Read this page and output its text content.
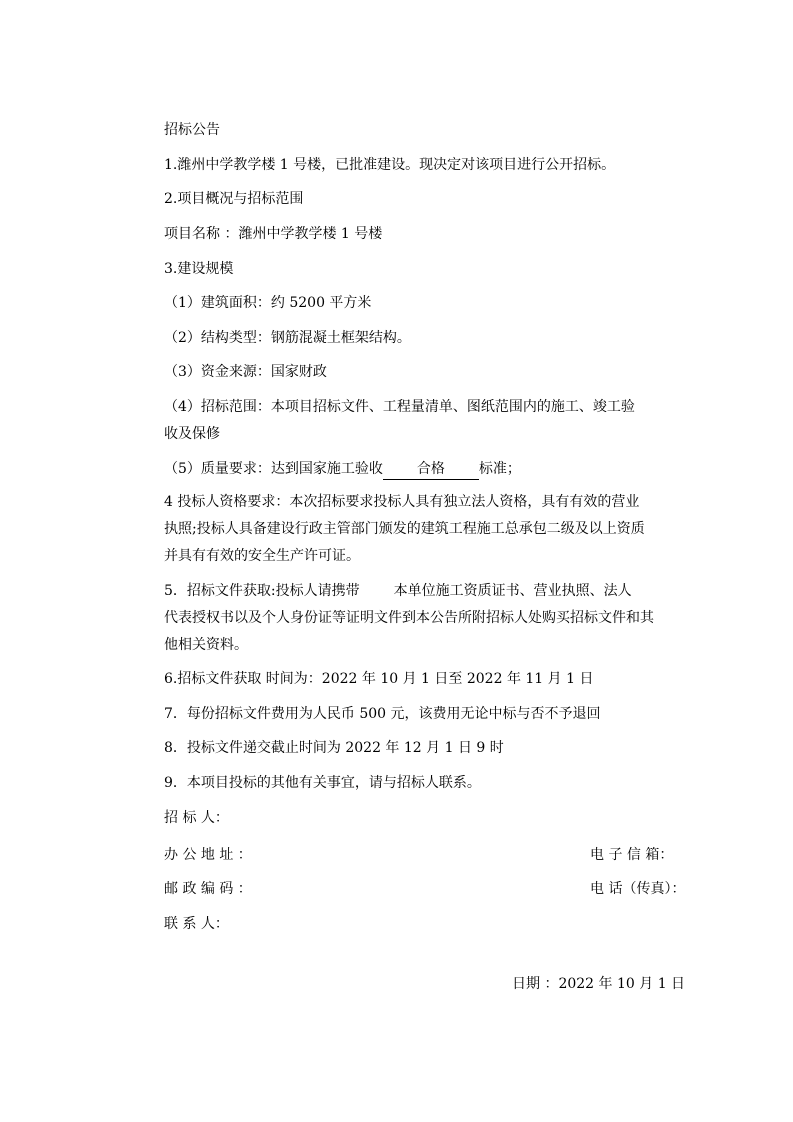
招标公告
1.潍州中学教学楼 1 号楼，已批准建设。现决定对该项目进行公开招标。
2.项目概况与招标范围
项目名称 ：潍州中学教学楼 1 号楼
3.建设规模
（1）建筑面积：约 5200 平方米
（2）结构类型：钢筋混凝土框架结构。
（3）资金来源：国家财政
（4）招标范围：本项目招标文件、工程量清单、图纸范围内的施工、竣工验
收及保修
（5）质量要求：达到国家施工验收 合格 标准；
4 投标人资格要求：本次招标要求投标人具有独立法人资格，具有有效的营业
执照;投标人具备建设行政主管部门颁发的建筑工程施工总承包二级及以上资质
并具有有效的安全生产许可证。
5．招标文件获取:投标人请携带 本单位施工资质证书、营业执照、法人
代表授权书以及个人身份证等证明文件到本公告所附招标人处购买招标文件和其
他相关资料。
6.招标文件获取 时间为：2022 年 10 月 1 日至 2022 年 11 月 1 日
7．每份招标文件费用为人民币 500 元，该费用无论中标与否不予退回
8．投标文件递交截止时间为 2022 年 12 月 1 日 9 时
9．本项目投标的其他有关事宜，请与招标人联系。
招 标 人：
办 公 地 址 ：	电 子 信 箱：
邮 政 编 码 ：	电 话（传真）：
联 系 人：
日期 ：2022 年 10 月 1 日
